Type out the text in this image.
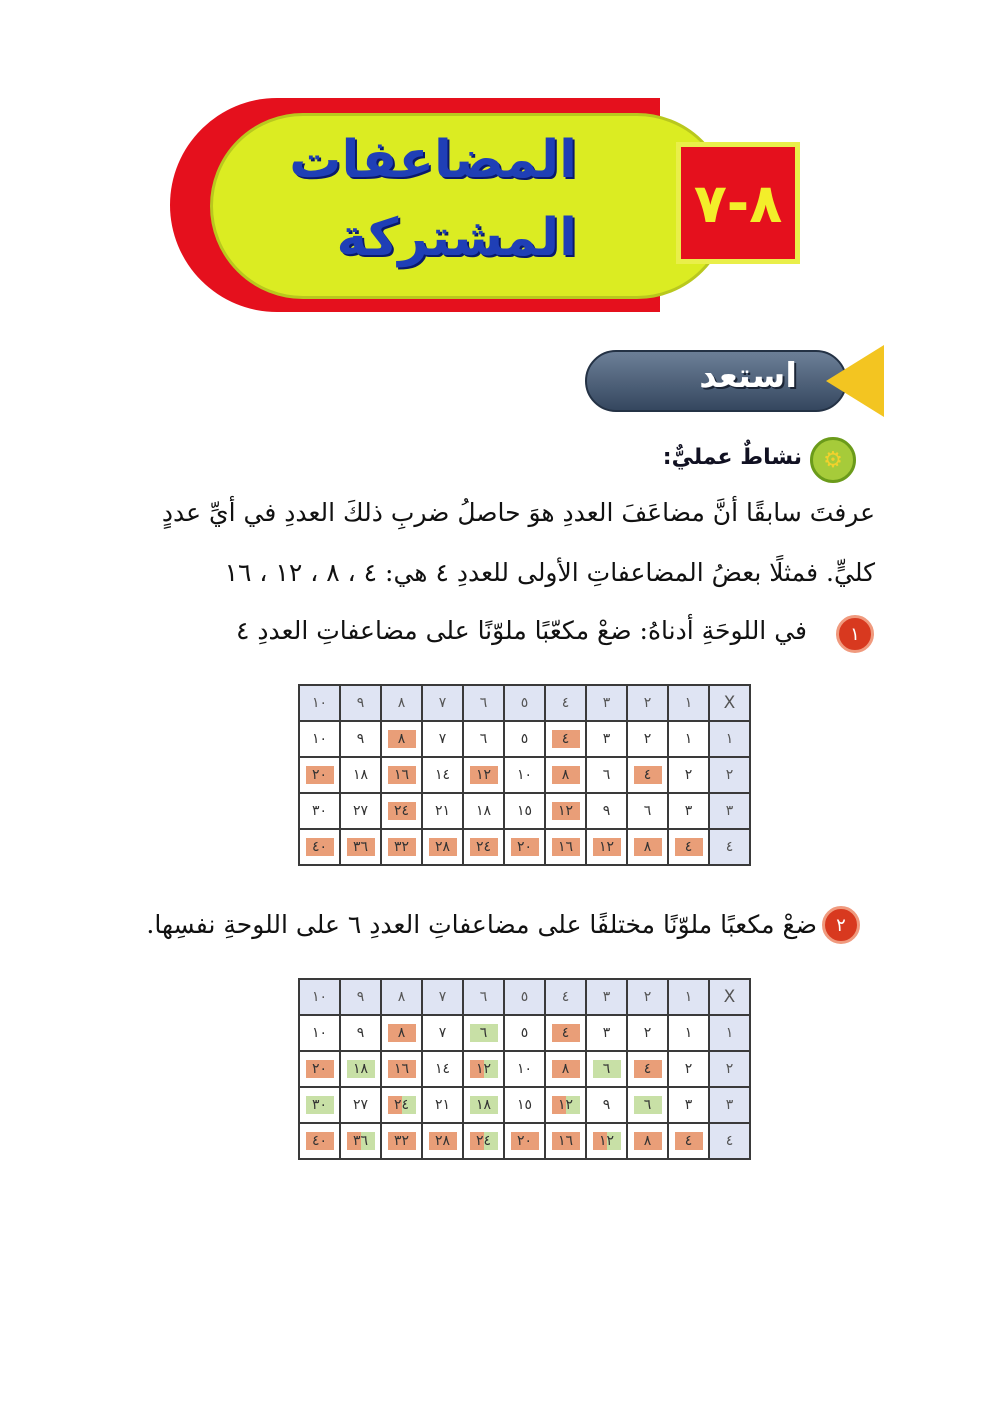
المضاعفات
المشتركة
٨-٧
استعد
⚙
نشاطٌ عمليٌّ:
عرفتَ سابقًا أنَّ مضاعَفَ العددِ هوَ حاصلُ ضربِ ذلكَ العددِ في أيِّ عددٍ
كليٍّ. فمثلًا بعضُ المضاعفاتِ الأولى للعددِ ٤ هي: ٤ ، ٨ ، ١٢ ، ١٦
١
في اللوحَةِ أدناهُ: ضعْ مكعّبًا ملوّنًا على مضاعفاتِ العددِ ٤
X	١	٢	٣	٤	٥	٦	٧	٨	٩	١٠
١	١	٢	٣	٤	٥	٦	٧	٨	٩	١٠
٢	٢	٤	٦	٨	١٠	١٢	١٤	١٦	١٨	٢٠
٣	٣	٦	٩	١٢	١٥	١٨	٢١	٢٤	٢٧	٣٠
٤	٤	٨	١٢	١٦	٢٠	٢٤	٢٨	٣٢	٣٦	٤٠
٢
ضعْ مكعبًا ملوّنًا مختلفًا على مضاعفاتِ العددِ ٦ على اللوحةِ نفسِها.
X	١	٢	٣	٤	٥	٦	٧	٨	٩	١٠
١	١	٢	٣	٤	٥	٦	٧	٨	٩	١٠
٢	٢	٤	٦	٨	١٠	١٢	١٤	١٦	١٨	٢٠
٣	٣	٦	٩	١٢	١٥	١٨	٢١	٢٤	٢٧	٣٠
٤	٤	٨	١٢	١٦	٢٠	٢٤	٢٨	٣٢	٣٦	٤٠
